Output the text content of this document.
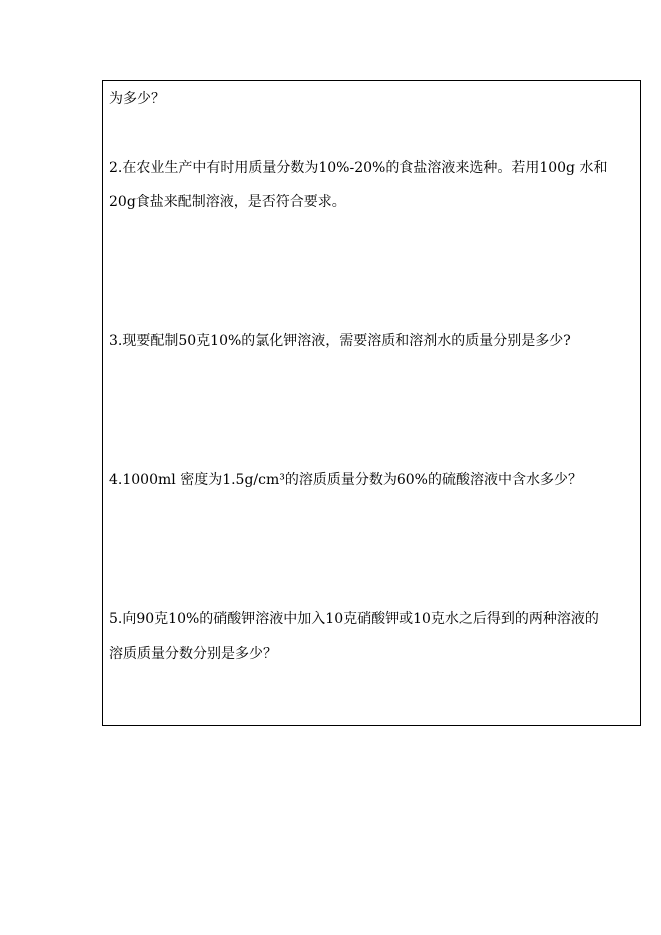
为多少？
2.在农业生产中有时用质量分数为10%-20%的食盐溶液来选种。若用100g 水和
20g食盐来配制溶液，是否符合要求。
3.现要配制50克10%的氯化钾溶液，需要溶质和溶剂水的质量分别是多少?
4.1000ml 密度为1.5g/cm³的溶质质量分数为60%的硫酸溶液中含水多少？
5.向90克10%的硝酸钾溶液中加入10克硝酸钾或10克水之后得到的两种溶液的
溶质质量分数分别是多少？
